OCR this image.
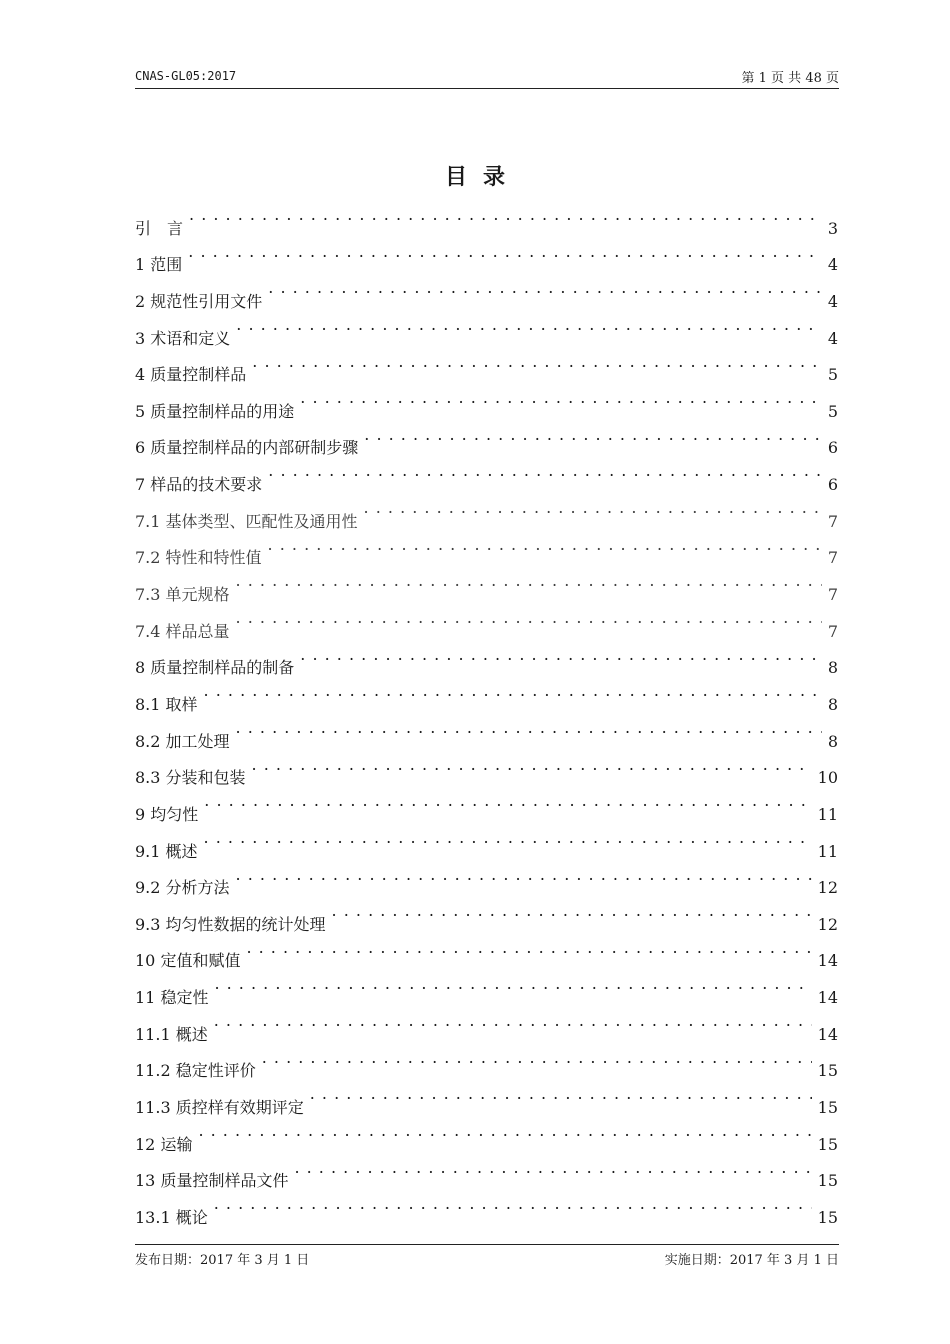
CNAS-GL05:2017	第 1 页 共 48 页
目录
引　言 . . .	3
1 范围 . . .	4
2 规范性引用文件 . . .	4
3 术语和定义 . . .	4
4 质量控制样品 . . .	5
5 质量控制样品的用途 . . .	5
6 质量控制样品的内部研制步骤 . . .	6
7 样品的技术要求 . . .	6
7.1 基体类型、匹配性及通用性 . . .	7
7.2 特性和特性值 . . .	7
7.3 单元规格 . . .	7
7.4 样品总量 . . .	7
8 质量控制样品的制备 . . .	8
8.1 取样 . . .	8
8.2 加工处理 . . .	8
8.3 分装和包装 . . .	10
9 均匀性 . . .	11
9.1 概述 . . .	11
9.2 分析方法 . . .	12
9.3 均匀性数据的统计处理 . . .	12
10 定值和赋值 . . .	14
11 稳定性 . . .	14
11.1 概述 . . .	14
11.2 稳定性评价 . . .	15
11.3 质控样有效期评定 . . .	15
12 运输 . . .	15
13 质量控制样品文件 . . .	15
13.1 概论 . . .	15
发布日期：2017 年 3 月 1 日	实施日期：2017 年 3 月 1 日
